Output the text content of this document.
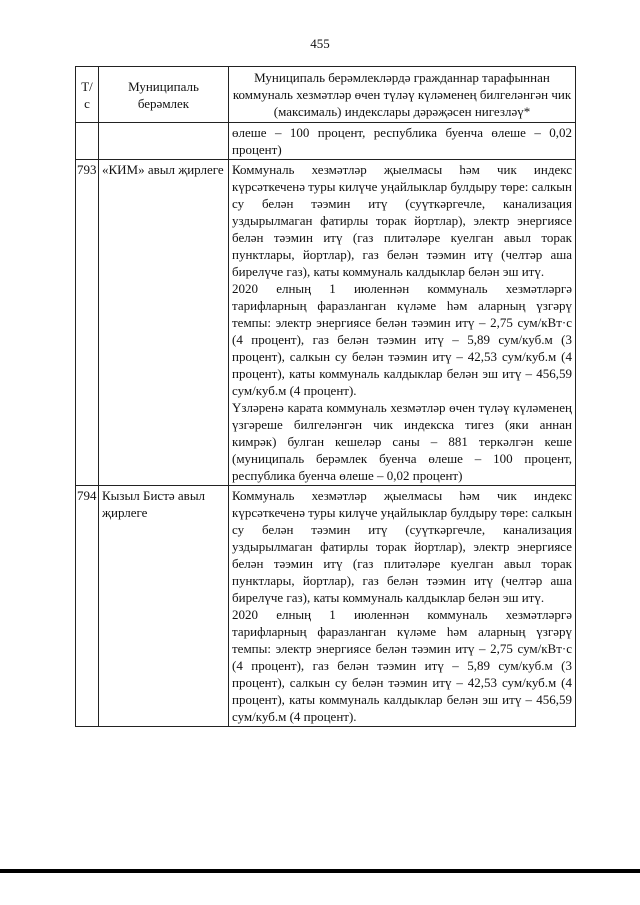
455
Т/с	Муниципаль берәмлек	Муниципаль берәмлекләрдә гражданнар тарафыннан коммуналь хезмәтләр өчен түләү күләменең билгеләнгән чик (максималь) индекслары дәрәҗәсен нигезләү*
		өлеше – 100 процент, республика буенча өлеше – 0,02 процент)
793	«КИМ» авыл җирлеге	Коммуналь хезмәтләр җыелмасы һәм чик индекс күрсәткеченә туры килүче уңайлыклар булдыру төре: салкын су белән тәэмин итү (суүткәргечле, канализация уздырылмаган фатирлы торак йортлар), электр энергиясе белән тәэмин итү (газ плитәләре куелган авыл торак пунктлары, йортлар), газ белән тәэмин итү (челтәр аша бирелүче газ), каты коммуналь калдыклар белән эш итү.
2020 елның 1 июленнән коммуналь хезмәтләргә тарифларның фаразланган күләме һәм аларның үзгәрү темпы: электр энергиясе белән тәэмин итү – 2,75 сум/кВт·с (4 процент), газ белән тәэмин итү – 5,89 сум/куб.м (3 процент), салкын су белән тәэмин итү – 42,53 сум/куб.м (4 процент), каты коммуналь калдыклар белән эш итү – 456,59 сум/куб.м (4 процент).
Үзләренә карата коммуналь хезмәтләр өчен түләү күләменең үзгәреше билгеләнгән чик индекска тигез (яки аннан кимрәк) булган кешеләр саны – 881 теркәлгән кеше (муниципаль берәмлек буенча өлеше – 100 процент, республика буенча өлеше – 0,02 процент)

794	Кызыл Бистә авыл җирлеге	Коммуналь хезмәтләр җыелмасы һәм чик индекс күрсәткеченә туры килүче уңайлыклар булдыру төре: салкын су белән тәэмин итү (суүткәргечле, канализация уздырылмаган фатирлы торак йортлар), электр энергиясе белән тәэмин итү (газ плитәләре куелган авыл торак пунктлары, йортлар), газ белән тәэмин итү (челтәр аша бирелүче газ), каты коммуналь калдыклар белән эш итү.
2020 елның 1 июленнән коммуналь хезмәтләргә тарифларның фаразланган күләме һәм аларның үзгәрү темпы: электр энергиясе белән тәэмин итү – 2,75 сум/кВт·с (4 процент), газ белән тәэмин итү – 5,89 сум/куб.м (3 процент), салкын су белән тәэмин итү – 42,53 сум/куб.м (4 процент), каты коммуналь калдыклар белән эш итү – 456,59 сум/куб.м (4 процент).
